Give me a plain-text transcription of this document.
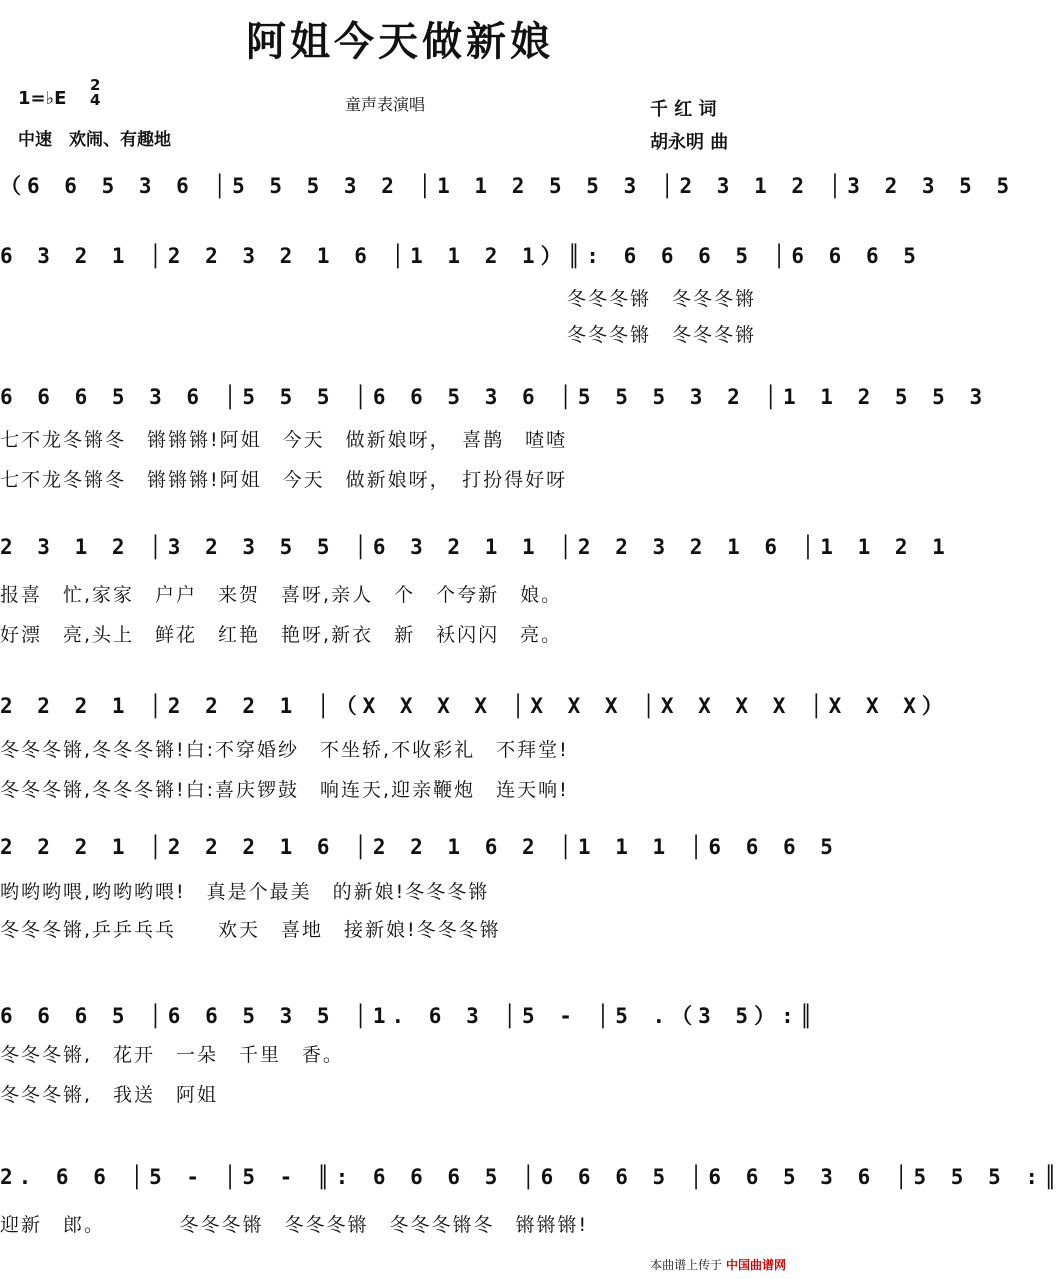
阿姐今天做新娘
1=♭E
2
4
中速　欢闹、有趣地
童声表演唱	千 红 词
胡永明 曲
（6 6 5 3 6 │5 5 5 3 2 │1 1 2 5 5 3 │2 3 1 2 │3 2 3 5 5
6 3 2 1 │2 2 3 2 1 6 │1 1 2 1）║: 6 6 6 5 │6 6 6 5
　　　　　　　　　　　　　　　　　　　　　　　　　　　冬冬冬锵　冬冬冬锵
　　　　　　　　　　　　　　　　　　　　　　　　　　　冬冬冬锵　冬冬冬锵
6 6 6 5 3 6 │5 5 5 │6 6 5 3 6 │5 5 5 3 2 │1 1 2 5 5 3
七不龙冬锵冬　锵锵锵!阿姐　今天　做新娘呀，　喜鹊　喳喳
七不龙冬锵冬　锵锵锵!阿姐　今天　做新娘呀，　打扮得好呀
2 3 1 2 │3 2 3 5 5 │6 3 2 1 1 │2 2 3 2 1 6 │1 1 2 1
报喜　忙,家家　户户　来贺　喜呀,亲人　个　个夸新　娘。
好漂　亮,头上　鲜花　红艳　艳呀,新衣　新　袄闪闪　亮。
2 2 2 1 │2 2 2 1 │（X X X X │X X X │X X X X │X X X）
冬冬冬锵,冬冬冬锵!白:不穿婚纱　不坐轿,不收彩礼　不拜堂!
冬冬冬锵,冬冬冬锵!白:喜庆锣鼓　响连天,迎亲鞭炮　连天响!
2 2 2 1 │2 2 2 1 6 │2 2 1 6 2 │1 1 1 │6 6 6 5
哟哟哟喂,哟哟哟喂!　真是个最美　的新娘!冬冬冬锵
冬冬冬锵,乒乒乓乓　　欢天　喜地　接新娘!冬冬冬锵
6 6 6 5 │6 6 5 3 5 │1. 6 3 │5 - │5 .（3 5）:║
冬冬冬锵,　花开　一朵　千里　香。
冬冬冬锵,　我送　阿姐
2. 6 6 │5 - │5 - ║: 6 6 6 5 │6 6 6 5 │6 6 5 3 6 │5 5 5 :║
迎新　郎。　　　　冬冬冬锵　冬冬冬锵　冬冬冬锵冬　锵锵锵!
本曲谱上传于 中国曲谱网
